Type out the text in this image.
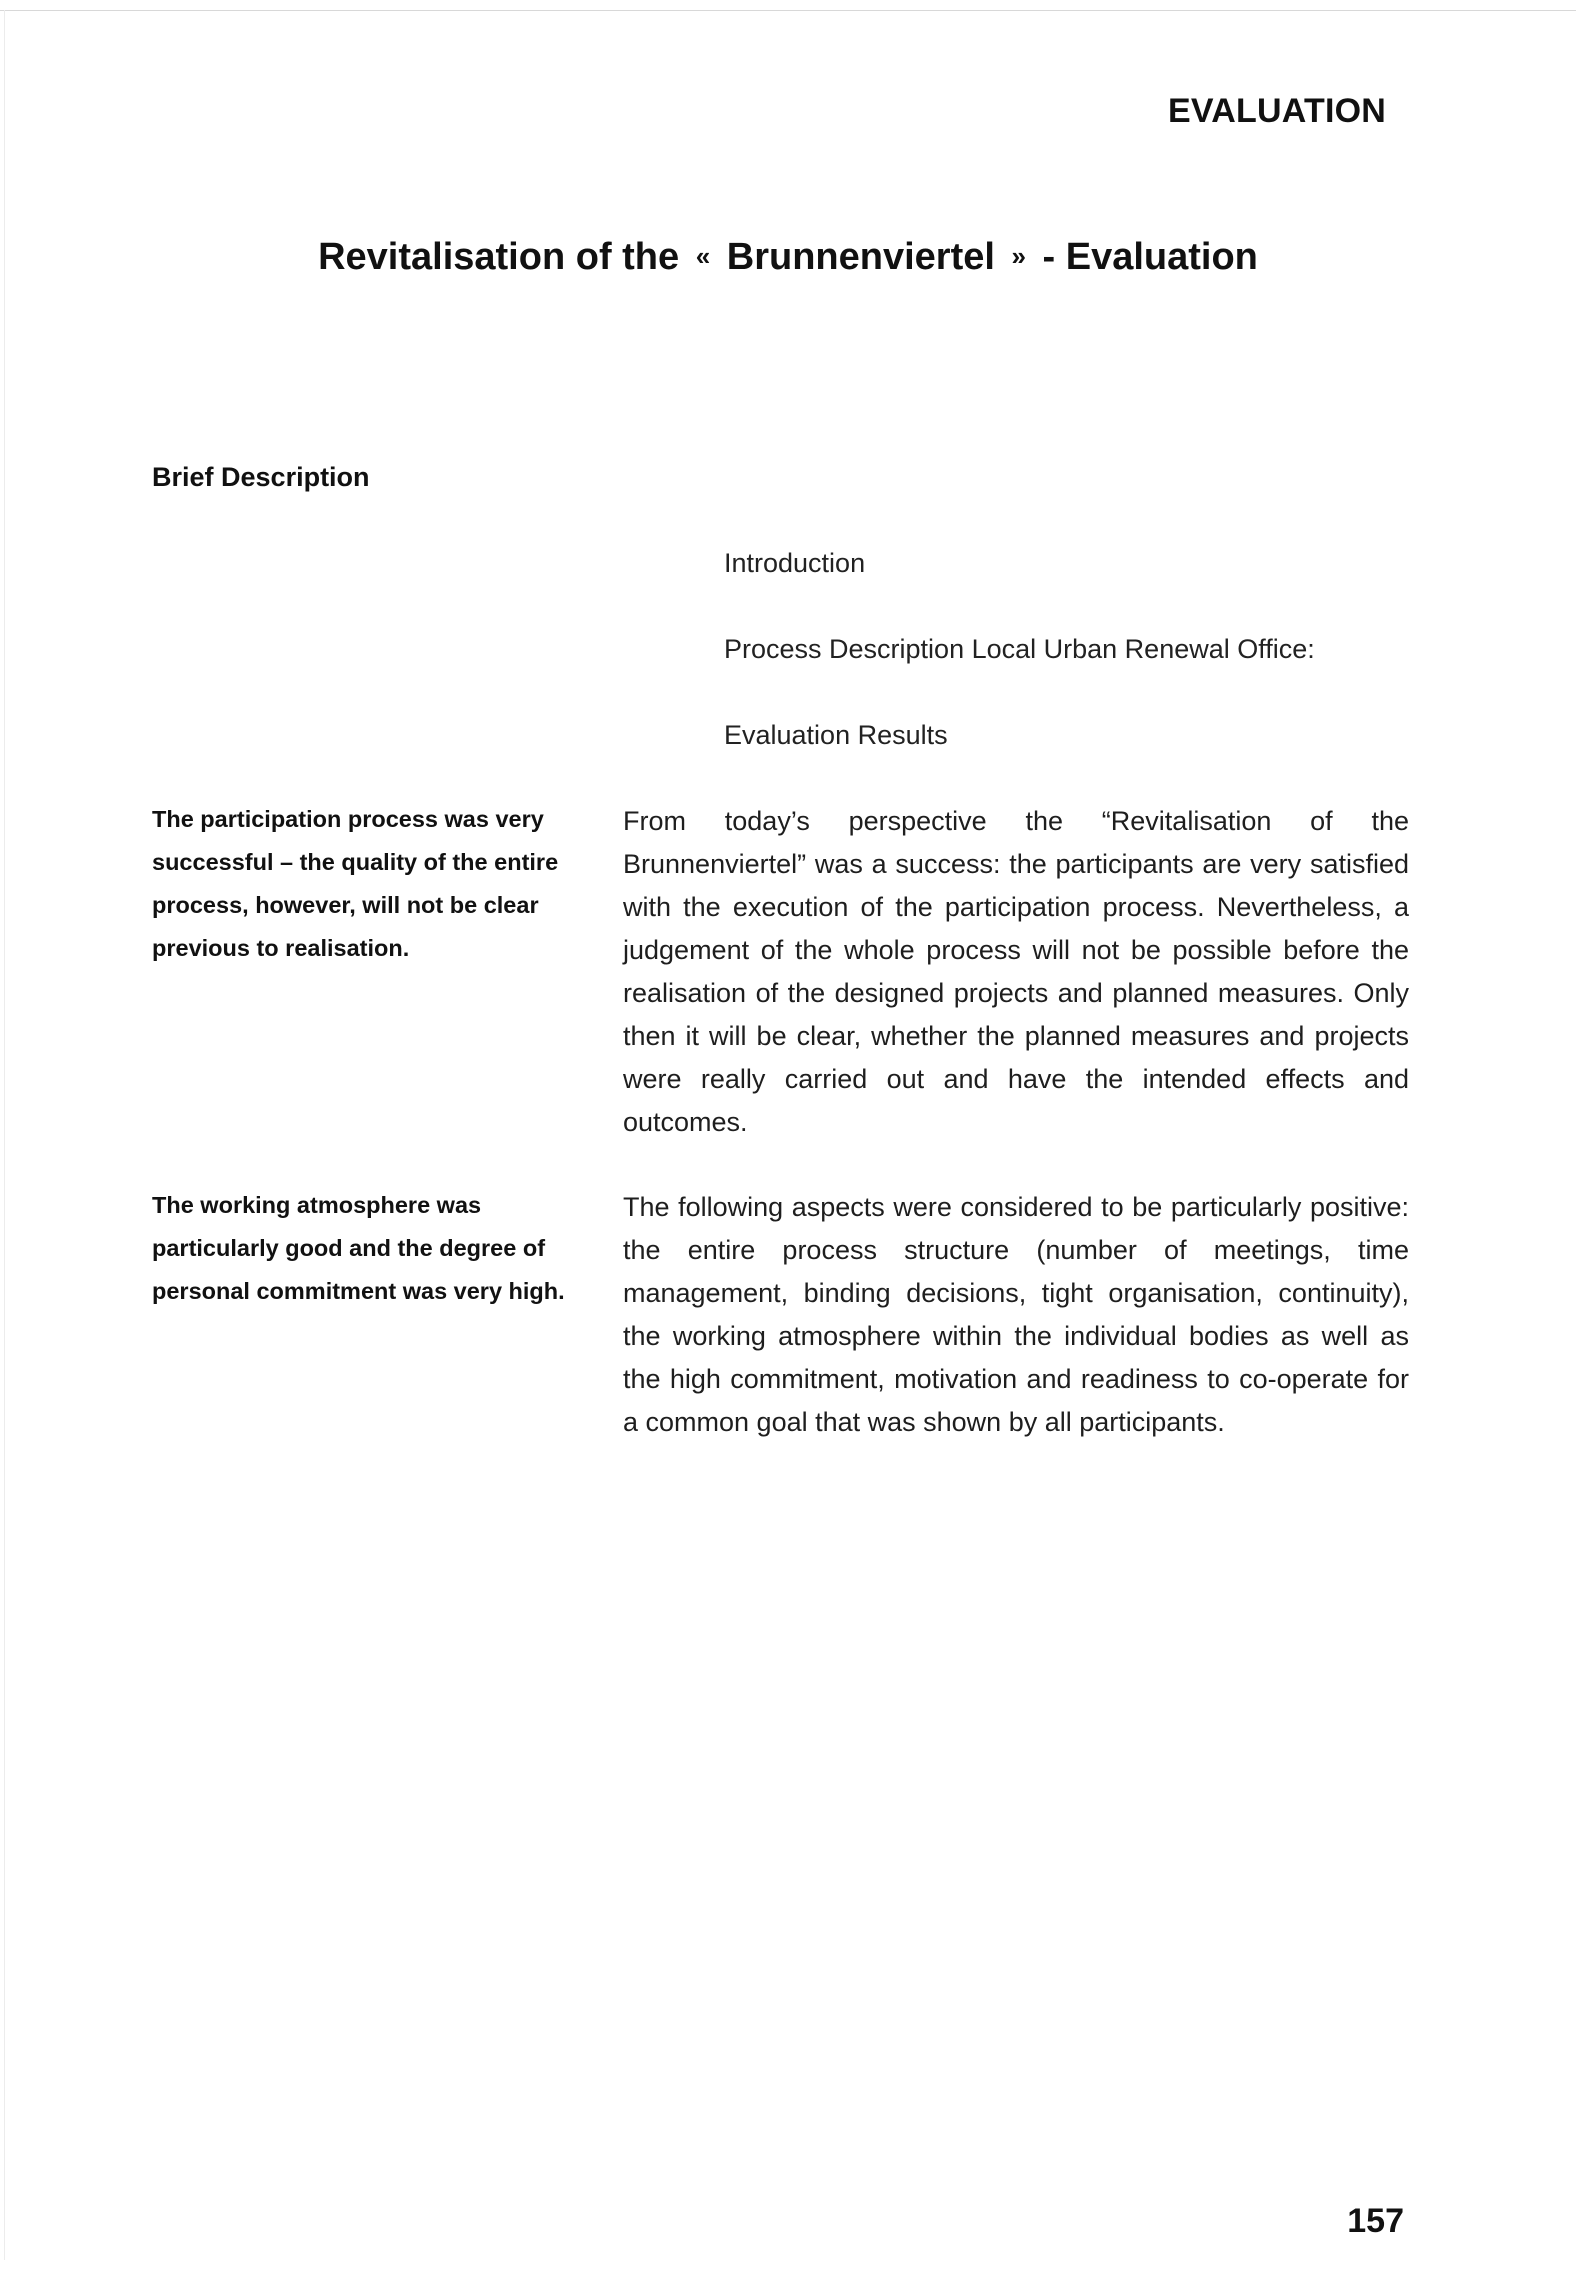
EVALUATION
Revitalisation of the « Brunnenviertel » - Evaluation
Brief Description
Introduction
Process Description Local Urban Renewal Office:
Evaluation Results
The participation process was very successful – the quality of the entire process, however, will not be clear previous to realisation.
From today’s perspective the “Revitalisation of the Brunnenviertel” was a success: the participants are very satisfied with the execution of the participation process. Nevertheless, a judgement of the whole process will not be possible before the realisation of the designed projects and planned measures. Only then it will be clear, whether the planned measures and projects were really carried out and have the intended effects and outcomes.
The working atmosphere was particularly good and the degree of personal commitment was very high.
The following aspects were considered to be particularly positive: the entire process structure (number of meetings, time management, binding decisions, tight organisation, continuity), the working atmosphere within the individual bodies as well as the high commitment, motivation and readiness to co-operate for a common goal that was shown by all participants.
157
